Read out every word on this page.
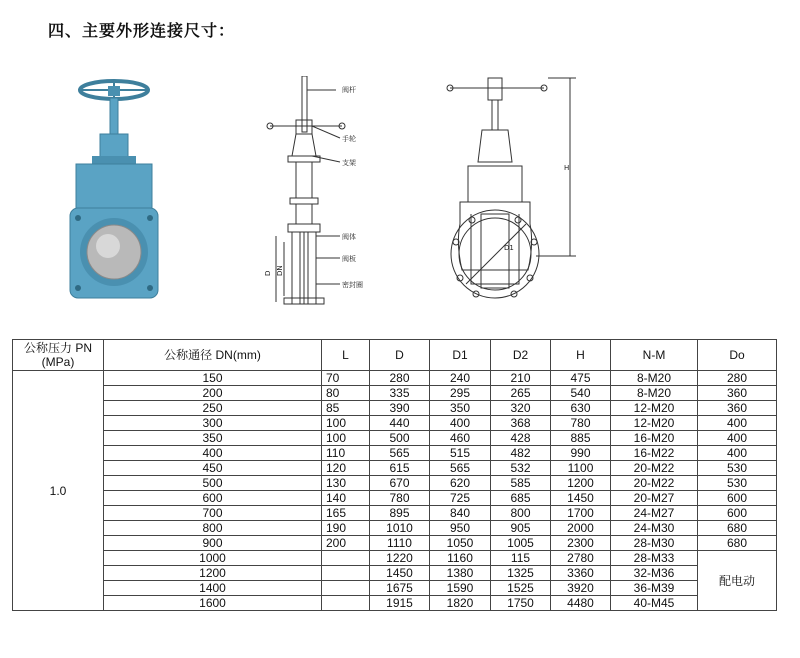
四、主要外形连接尺寸：
阀杆
手轮
支架
阀体
阀板
密封圈
D DN
H
D1
公称压力 PN
(MPa)	公称通径 DN(mm)	L	D	D1	D2	H	N-M	Do
1.0	150	70	280	240	210	475	8-M20	280
	200	80	335	295	265	540	8-M20	360
	250	85	390	350	320	630	12-M20	360
	300	100	440	400	368	780	12-M20	400
	350	100	500	460	428	885	16-M20	400
	400	110	565	515	482	990	16-M22	400
	450	120	615	565	532	1100	20-M22	530
	500	130	670	620	585	1200	20-M22	530
	600	140	780	725	685	1450	20-M27	600
	700	165	895	840	800	1700	24-M27	600
	800	190	1010	950	905	2000	24-M30	680
	900	200	1110	1050	1005	2300	28-M30	680
	1000		1220	1160	115	2780	28-M33	配电动
	1200		1450	1380	1325	3360	32-M36	
	1400		1675	1590	1525	3920	36-M39	
	1600		1915	1820	1750	4480	40-M45	
